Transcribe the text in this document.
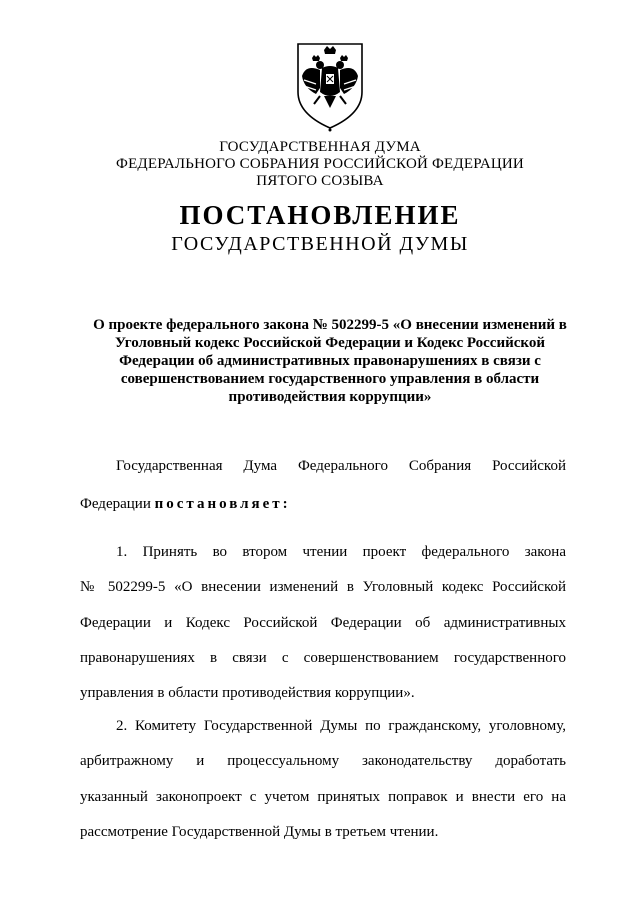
ГОСУДАРСТВЕННАЯ ДУМА
ФЕДЕРАЛЬНОГО СОБРАНИЯ РОССИЙСКОЙ ФЕДЕРАЦИИ
ПЯТОГО СОЗЫВА
ПОСТАНОВЛЕНИЕ
ГОСУДАРСТВЕННОЙ ДУМЫ
О проекте федерального закона № 502299-5 «О внесении изменений в
Уголовный кодекс Российской Федерации и Кодекс Российской
Федерации об административных правонарушениях в связи с
совершенствованием государственного управления в области
противодействия коррупции»
Государственная Дума Федерального Собрания Российской
Федерации постановляет:
1. Принять во втором чтении проект федерального закона
№ 502299-5 «О внесении изменений в Уголовный кодекс Российской
Федерации и Кодекс Российской Федерации об административных
правонарушениях в связи с совершенствованием государственного
управления в области противодействия коррупции».
2. Комитету Государственной Думы по гражданскому, уголовному,
арбитражному и процессуальному законодательству доработать
указанный законопроект с учетом принятых поправок и внести его на
рассмотрение Государственной Думы в третьем чтении.
